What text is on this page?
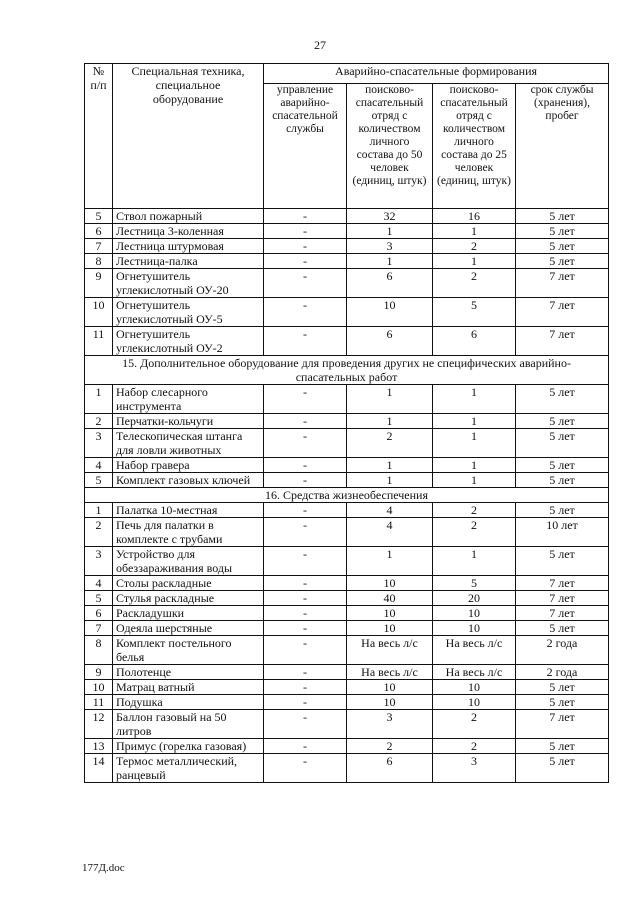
27
№
п/п	Специальная техника, специальное оборудование	Аварийно-спасательные формирования			
		управление аварийно-спасательной службы	поисково-спасательный отряд с количеством личного состава до 50 человек (единиц, штук)	поисково-спасательный отряд с количеством личного состава до 25 человек (единиц, штук)	срок службы (хранения), пробег
5	Ствол пожарный	-	32	16	5 лет
6	Лестница 3-коленная	-	1	1	5 лет
7	Лестница штурмовая	-	3	2	5 лет
8	Лестница-палка	-	1	1	5 лет
9	Огнетушитель углекислотный ОУ-20	-	6	2	7 лет
10	Огнетушитель углекислотный ОУ-5	-	10	5	7 лет
11	Огнетушитель углекислотный ОУ-2	-	6	6	7 лет
15. Дополнительное оборудование для проведения других не специфических аварийно-спасательных работ					
1	Набор слесарного инструмента	-	1	1	5 лет
2	Перчатки-кольчуги	-	1	1	5 лет
3	Телескопическая штанга для ловли животных	-	2	1	5 лет
4	Набор гравера	-	1	1	5 лет
5	Комплект газовых ключей	-	1	1	5 лет
16. Средства жизнеобеспечения					
1	Палатка 10-местная	-	4	2	5 лет
2	Печь для палатки в комплекте с трубами	-	4	2	10 лет
3	Устройство для обеззараживания воды	-	1	1	5 лет
4	Столы раскладные	-	10	5	7 лет
5	Стулья раскладные	-	40	20	7 лет
6	Раскладушки	-	10	10	7 лет
7	Одеяла шерстяные	-	10	10	5 лет
8	Комплект постельного белья	-	На весь л/с	На весь л/с	2 года
9	Полотенце	-	На весь л/с	На весь л/с	2 года
10	Матрац ватный	-	10	10	5 лет
11	Подушка	-	10	10	5 лет
12	Баллон газовый на 50 литров	-	3	2	7 лет
13	Примус (горелка газовая)	-	2	2	5 лет
14	Термос металлический, ранцевый	-	6	3	5 лет
177Д.doc
